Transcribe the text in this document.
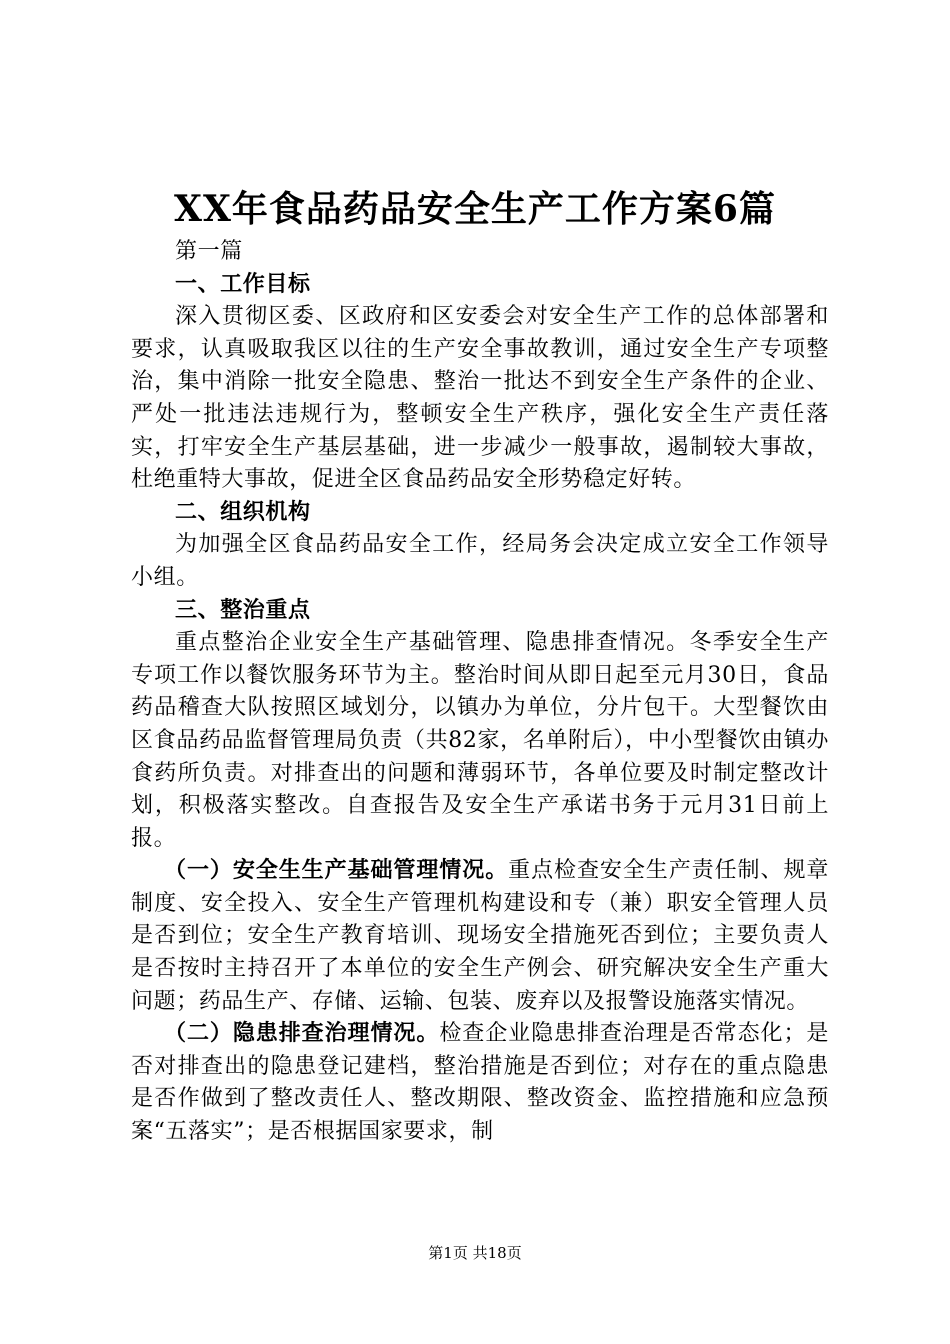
XX年食品药品安全生产工作方案6篇

第一篇

一、工作目标

深入贯彻区委、区政府和区安委会对安全生产工作的总体部署和要求，认真吸取我区以往的生产安全事故教训，通过安全生产专项整治，集中消除一批安全隐患、整治一批达不到安全生产条件的企业、严处一批违法违规行为，整顿安全生产秩序，强化安全生产责任落实，打牢安全生产基层基础，进一步减少一般事故，遏制较大事故，杜绝重特大事故，促进全区食品药品安全形势稳定好转。

二、组织机构

为加强全区食品药品安全工作，经局务会决定成立安全工作领导小组。

三、整治重点

重点整治企业安全生产基础管理、隐患排查情况。冬季安全生产专项工作以餐饮服务环节为主。整治时间从即日起至元月30日，食品药品稽查大队按照区域划分，以镇办为单位，分片包干。大型餐饮由区食品药品监督管理局负责（共82家，名单附后），中小型餐饮由镇办食药所负责。对排查出的问题和薄弱环节，各单位要及时制定整改计划，积极落实整改。自查报告及安全生产承诺书务于元月31日前上报。

（一）安全生生产基础管理情况。重点检查安全生产责任制、规章制度、安全投入、安全生产管理机构建设和专（兼）职安全管理人员是否到位；安全生产教育培训、现场安全措施死否到位；主要负责人是否按时主持召开了本单位的安全生产例会、研究解决安全生产重大问题；药品生产、存储、运输、包装、废弃以及报警设施落实情况。

（二）隐患排查治理情况。检查企业隐患排查治理是否常态化；是否对排查出的隐患登记建档，整治措施是否到位；对存在的重点隐患是否作做到了整改责任人、整改期限、整改资金、监控措施和应急预案“五落实”；是否根据国家要求，制

第1页 共18页
